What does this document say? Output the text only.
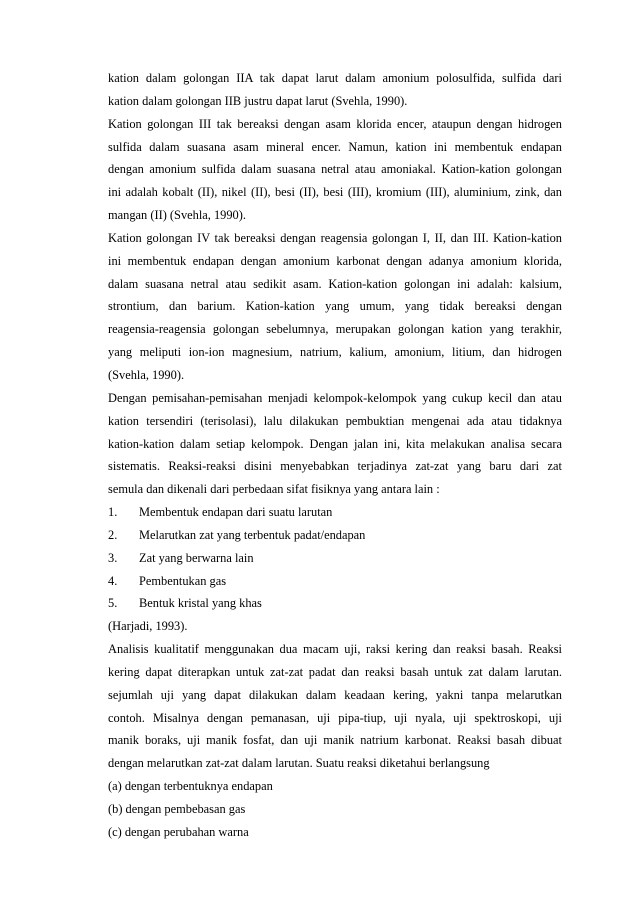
kation dalam golongan IIA tak dapat larut dalam amonium polosulfida, sulfida dari
kation dalam golongan IIB justru dapat larut (Svehla, 1990).
Kation golongan III tak bereaksi dengan asam klorida encer, ataupun dengan hidrogen
sulfida dalam suasana asam mineral encer. Namun, kation ini membentuk endapan
dengan amonium sulfida dalam suasana netral atau amoniakal. Kation-kation golongan
ini adalah kobalt (II), nikel (II), besi (II), besi (III), kromium (III), aluminium, zink, dan
mangan (II) (Svehla, 1990).
Kation golongan IV tak bereaksi dengan reagensia golongan I, II, dan III. Kation-kation
ini membentuk endapan dengan amonium karbonat dengan adanya amonium klorida,
dalam suasana netral atau sedikit asam. Kation-kation golongan ini adalah: kalsium,
strontium, dan barium. Kation-kation yang umum, yang tidak bereaksi dengan
reagensia-reagensia golongan sebelumnya, merupakan golongan kation yang terakhir,
yang meliputi ion-ion magnesium, natrium, kalium, amonium, litium, dan hidrogen
(Svehla, 1990).
Dengan pemisahan-pemisahan menjadi kelompok-kelompok yang cukup kecil dan atau
kation tersendiri (terisolasi), lalu dilakukan pembuktian mengenai ada atau tidaknya
kation-kation dalam setiap kelompok. Dengan jalan ini, kita melakukan analisa secara
sistematis. Reaksi-reaksi disini menyebabkan terjadinya zat-zat yang baru dari zat
semula dan dikenali dari perbedaan sifat fisiknya yang antara lain :
1.	Membentuk endapan dari suatu larutan
2.	Melarutkan zat yang terbentuk padat/endapan
3.	Zat yang berwarna lain
4.	Pembentukan gas
5.	Bentuk kristal yang khas
(Harjadi, 1993).
Analisis kualitatif menggunakan dua macam uji, raksi kering dan reaksi basah. Reaksi
kering dapat diterapkan untuk zat-zat padat dan reaksi basah untuk zat dalam larutan.
sejumlah uji yang dapat dilakukan dalam keadaan kering, yakni tanpa melarutkan
contoh. Misalnya dengan pemanasan, uji pipa-tiup, uji nyala, uji spektroskopi, uji
manik boraks, uji manik fosfat, dan uji manik natrium karbonat. Reaksi basah dibuat
dengan melarutkan zat-zat dalam larutan. Suatu reaksi diketahui berlangsung
(a) dengan terbentuknya endapan
(b) dengan pembebasan gas
(c) dengan perubahan warna
